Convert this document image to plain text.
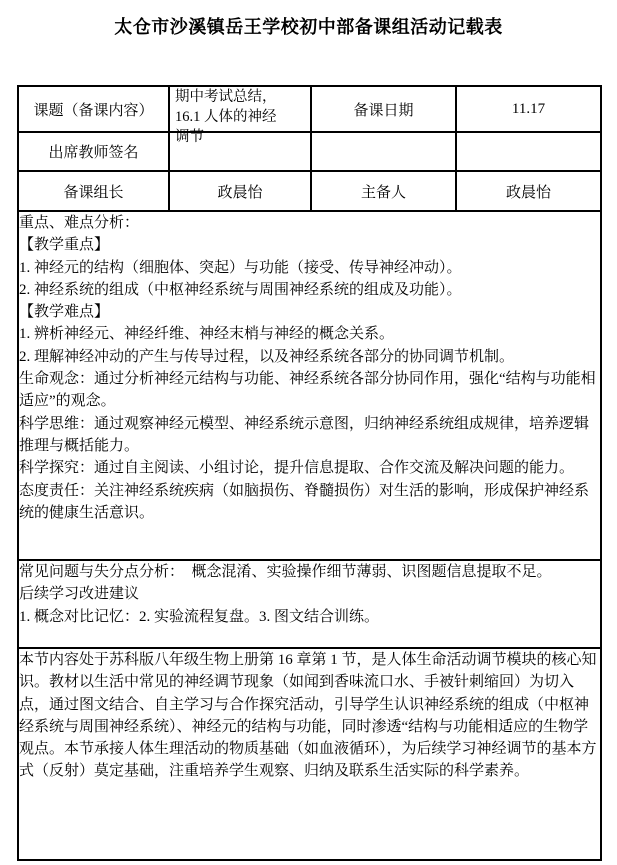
太仓市沙溪镇岳王学校初中部备课组活动记载表
课题（备课内容）	期中考试总结，
16.1 人体的神经
调节	备课日期	11.17
出席教师签名			
备课组长	政晨怡	主备人	政晨怡

重点、难点分析：

【教学重点】

1. 神经元的结构（细胞体、突起）与功能（接受、传导神经冲动）。

2. 神经系统的组成（中枢神经系统与周围神经系统的组成及功能）。

【教学难点】

1. 辨析神经元、神经纤维、神经末梢与神经的概念关系。

2. 理解神经冲动的产生与传导过程，以及神经系统各部分的协同调节机制。

生命观念：通过分析神经元结构与功能、神经系统各部分协同作用，强化“结构与功能相适应”的观念。

科学思维：通过观察神经元模型、神经系统示意图，归纳神经系统组成规律，培养逻辑推理与概括能力。

科学探究：通过自主阅读、小组讨论，提升信息提取、合作交流及解决问题的能力。

态度责任：关注神经系统疾病（如脑损伤、脊髓损伤）对生活的影响，形成保护神经系统的健康生活意识。

常见问题与失分点分析：　概念混淆、实验操作细节薄弱、识图题信息提取不足。

后续学习改进建议

1. 概念对比记忆：2. 实验流程复盘。3. 图文结合训练。			

本节内容处于苏科版八年级生物上册第 16 章第 1 节，是人体生命活动调节模块的核心知识。教材以生活中常见的神经调节现象（如闻到香味流口水、手被针刺缩回）为切入点，通过图文结合、自主学习与合作探究活动，引导学生认识神经系统的组成（中枢神经系统与周围神经系统）、神经元的结构与功能，同时渗透“结构与功能相适应的生物学观点。本节承接人体生理活动的物质基础（如血液循环），为后续学习神经调节的基本方式（反射）莫定基础，注重培养学生观察、归纳及联系生活实际的科学素养。			
